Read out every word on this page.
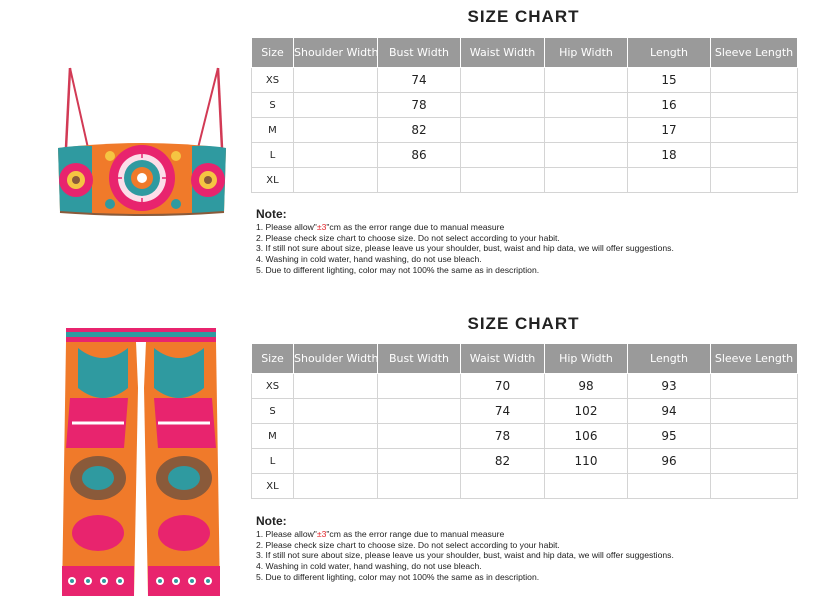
SIZE CHART
Size	Shoulder Width	Bust Width	Waist Width	Hip Width	Length	Sleeve Length
XS		74			15	
S		78			16	
M		82			17	
L		86			18	
XL						
Note:
1. Please allow"±3"cm as the error range due to manual measure
2. Please check size chart to choose size. Do not select according to your habit.
3. If still not sure about size, please leave us your shoulder, bust, waist and hip data, we will offer suggestions.
4. Washing in cold water, hand washing, do not use bleach.
5. Due to different lighting, color may not 100% the same as in description.
SIZE CHART
Size	Shoulder Width	Bust Width	Waist Width	Hip Width	Length	Sleeve Length
XS			70	98	93	
S			74	102	94	
M			78	106	95	
L			82	110	96	
XL						
Note:
1. Please allow"±3"cm as the error range due to manual measure
2. Please check size chart to choose size. Do not select according to your habit.
3. If still not sure about size, please leave us your shoulder, bust, waist and hip data, we will offer suggestions.
4. Washing in cold water, hand washing, do not use bleach.
5. Due to different lighting, color may not 100% the same as in description.
